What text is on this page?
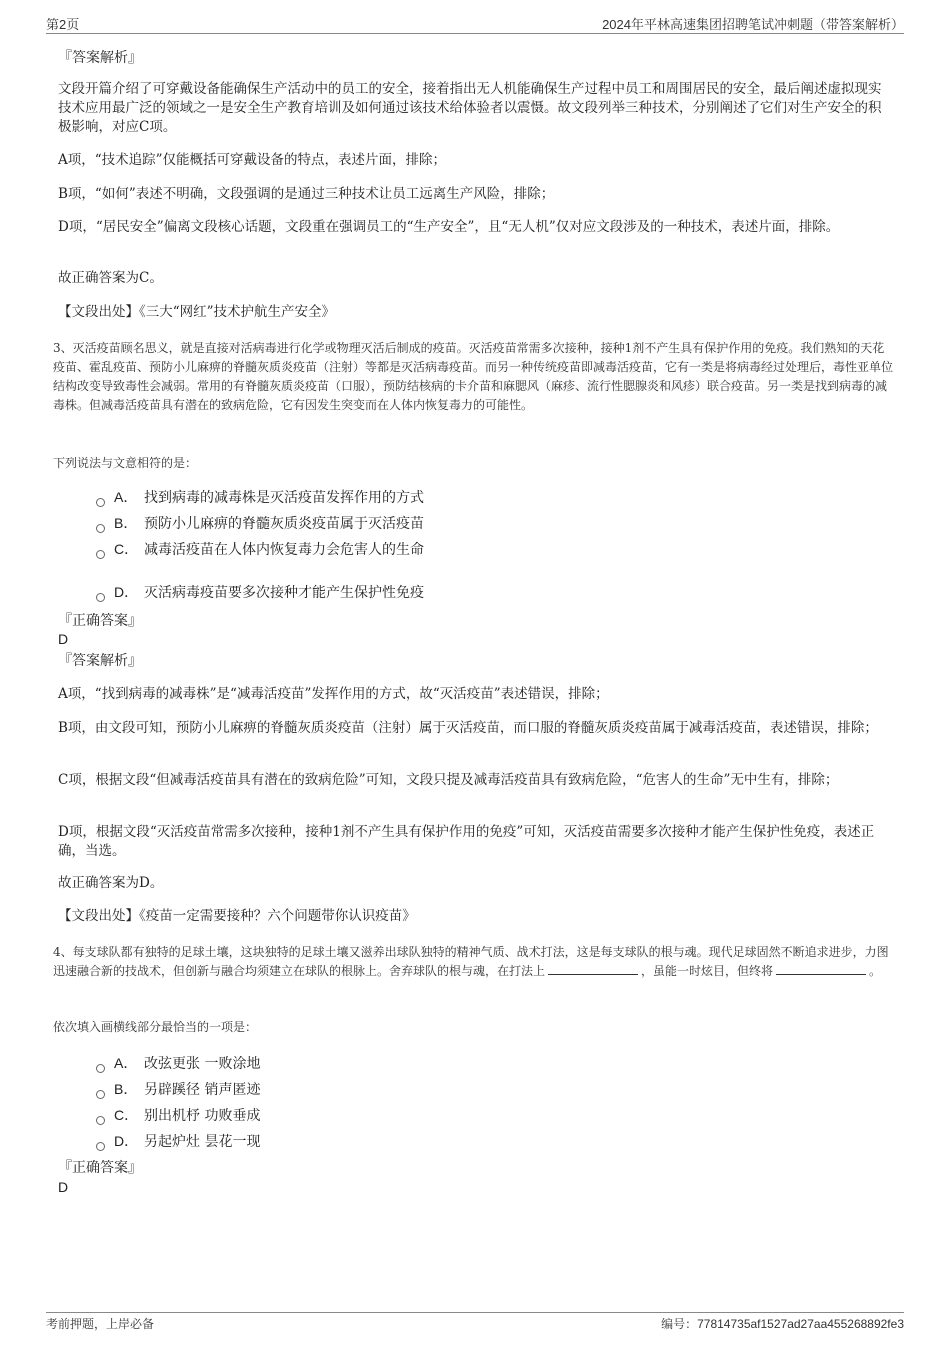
第2页	2024年平林高速集团招聘笔试冲刺题（带答案解析）
『答案解析』

文段开篇介绍了可穿戴设备能确保生产活动中的员工的安全，接着指出无人机能确保生产过程中员工和周围居民的安全，最后阐述虚拟现实技术应用最广泛的领域之一是安全生产教育培训及如何通过该技术给体验者以震慑。故文段列举三种技术，分别阐述了它们对生产安全的积极影响，对应C项。

A项，“技术追踪”仅能概括可穿戴设备的特点，表述片面，排除；

B项，“如何”表述不明确，文段强调的是通过三种技术让员工远离生产风险，排除；

D项，“居民安全”偏离文段核心话题，文段重在强调员工的“生产安全”，且“无人机”仅对应文段涉及的一种技术，表述片面，排除。

故正确答案为C。

【文段出处】《三大“网红”技术护航生产安全》

3、灭活疫苗顾名思义，就是直接对活病毒进行化学或物理灭活后制成的疫苗。灭活疫苗常需多次接种，接种1剂不产生具有保护作用的免疫。我们熟知的天花疫苗、霍乱疫苗、预防小儿麻痹的脊髓灰质炎疫苗（注射）等都是灭活病毒疫苗。而另一种传统疫苗即减毒活疫苗，它有一类是将病毒经过处理后，毒性亚单位结构改变导致毒性会减弱。常用的有脊髓灰质炎疫苗（口服），预防结核病的卡介苗和麻腮风（麻疹、流行性腮腺炎和风疹）联合疫苗。另一类是找到病毒的减毒株。但减毒活疫苗具有潜在的致病危险，它有因发生突变而在人体内恢复毒力的可能性。

下列说法与文意相符的是：

A． 找到病毒的减毒株是灭活疫苗发挥作用的方式
B． 预防小儿麻痹的脊髓灰质炎疫苗属于灭活疫苗
C． 减毒活疫苗在人体内恢复毒力会危害人的生命
D． 灭活病毒疫苗要多次接种才能产生保护性免疫
『正确答案』
D
『答案解析』

A项，“找到病毒的减毒株”是“减毒活疫苗”发挥作用的方式，故“灭活疫苗”表述错误，排除；

B项，由文段可知，预防小儿麻痹的脊髓灰质炎疫苗（注射）属于灭活疫苗，而口服的脊髓灰质炎疫苗属于减毒活疫苗，表述错误，排除；

C项，根据文段“但减毒活疫苗具有潜在的致病危险”可知，文段只提及减毒活疫苗具有致病危险，“危害人的生命”无中生有，排除；

D项，根据文段“灭活疫苗常需多次接种，接种1剂不产生具有保护作用的免疫”可知，灭活疫苗需要多次接种才能产生保护性免疫，表述正确，当选。

故正确答案为D。

【文段出处】《疫苗一定需要接种？六个问题带你认识疫苗》

4、每支球队都有独特的足球土壤，这块独特的足球土壤又滋养出球队独特的精神气质、战术打法，这是每支球队的根与魂。现代足球固然不断追求进步，力图迅速融合新的技战术，但创新与融合均须建立在球队的根脉上。舍弃球队的根与魂，在打法上	，虽能一时炫目，但终将	。

依次填入画横线部分最恰当的一项是：

A． 改弦更张 一败涂地
B． 另辟蹊径 销声匿迹
C． 别出机杼 功败垂成
D． 另起炉灶 昙花一现
『正确答案』
D
考前押题，上岸必备	编号：77814735af1527ad27aa455268892fe3
